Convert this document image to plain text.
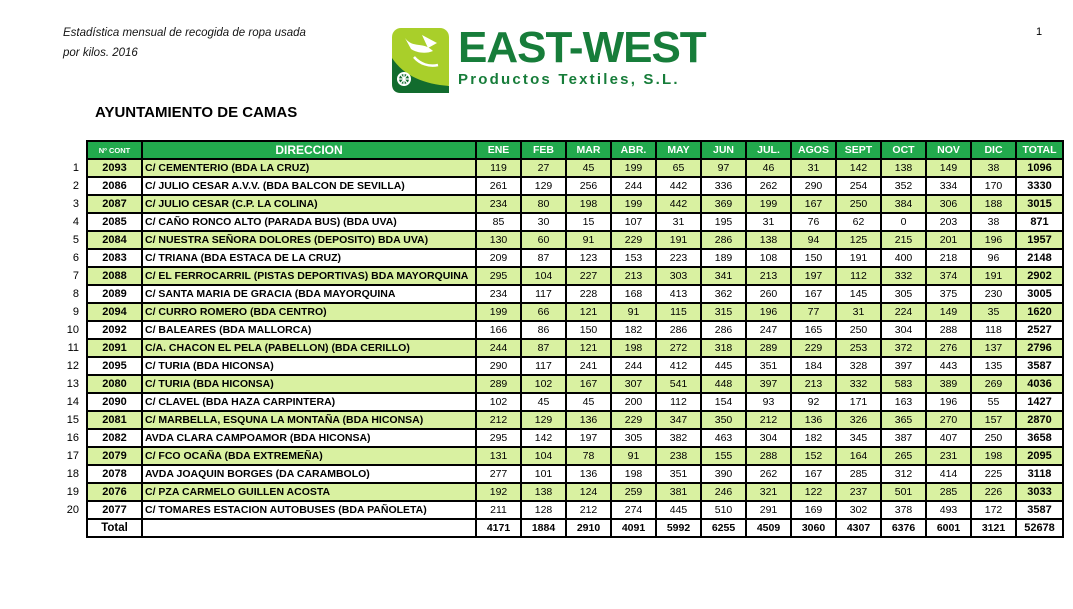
Estadística mensual de recogida de ropa usada
por kilos. 2016
1
EAST-WEST
Productos Textiles, S.L.
AYUNTAMIENTO DE CAMAS
	Nº CONT	DIRECCION	ENE	FEB	MAR	ABR.	MAY	JUN	JUL.	AGOS	SEPT	OCT	NOV	DIC	TOTAL
1	2093	C/ CEMENTERIO (BDA LA CRUZ)	119	27	45	199	65	97	46	31	142	138	149	38	1096
2	2086	C/ JULIO CESAR A.V.V. (BDA BALCON DE SEVILLA)	261	129	256	244	442	336	262	290	254	352	334	170	3330
3	2087	C/ JULIO CESAR (C.P. LA COLINA)	234	80	198	199	442	369	199	167	250	384	306	188	3015
4	2085	C/ CAÑO RONCO ALTO (PARADA BUS) (BDA UVA)	85	30	15	107	31	195	31	76	62	0	203	38	871
5	2084	C/ NUESTRA SEÑORA DOLORES (DEPOSITO) BDA UVA)	130	60	91	229	191	286	138	94	125	215	201	196	1957
6	2083	C/ TRIANA (BDA ESTACA DE LA CRUZ)	209	87	123	153	223	189	108	150	191	400	218	96	2148
7	2088	C/ EL FERROCARRIL (PISTAS DEPORTIVAS) BDA MAYORQUINA	295	104	227	213	303	341	213	197	112	332	374	191	2902
8	2089	C/ SANTA MARIA DE GRACIA (BDA MAYORQUINA	234	117	228	168	413	362	260	167	145	305	375	230	3005
9	2094	C/ CURRO ROMERO (BDA CENTRO)	199	66	121	91	115	315	196	77	31	224	149	35	1620
10	2092	C/ BALEARES (BDA MALLORCA)	166	86	150	182	286	286	247	165	250	304	288	118	2527
11	2091	C/A. CHACON EL PELA (PABELLON) (BDA CERILLO)	244	87	121	198	272	318	289	229	253	372	276	137	2796
12	2095	C/ TURIA (BDA HICONSA)	290	117	241	244	412	445	351	184	328	397	443	135	3587
13	2080	C/ TURIA (BDA HICONSA)	289	102	167	307	541	448	397	213	332	583	389	269	4036
14	2090	C/ CLAVEL (BDA HAZA CARPINTERA)	102	45	45	200	112	154	93	92	171	163	196	55	1427
15	2081	C/ MARBELLA, ESQUNA LA MONTAÑA (BDA HICONSA)	212	129	136	229	347	350	212	136	326	365	270	157	2870
16	2082	AVDA CLARA CAMPOAMOR (BDA HICONSA)	295	142	197	305	382	463	304	182	345	387	407	250	3658
17	2079	C/ FCO OCAÑA (BDA EXTREMEÑA)	131	104	78	91	238	155	288	152	164	265	231	198	2095
18	2078	AVDA JOAQUIN BORGES (DA CARAMBOLO)	277	101	136	198	351	390	262	167	285	312	414	225	3118
19	2076	C/ PZA CARMELO GUILLEN ACOSTA	192	138	124	259	381	246	321	122	237	501	285	226	3033
20	2077	C/ TOMARES ESTACION AUTOBUSES (BDA PAÑOLETA)	211	128	212	274	445	510	291	169	302	378	493	172	3587
	Total		4171	1884	2910	4091	5992	6255	4509	3060	4307	6376	6001	3121	52678
